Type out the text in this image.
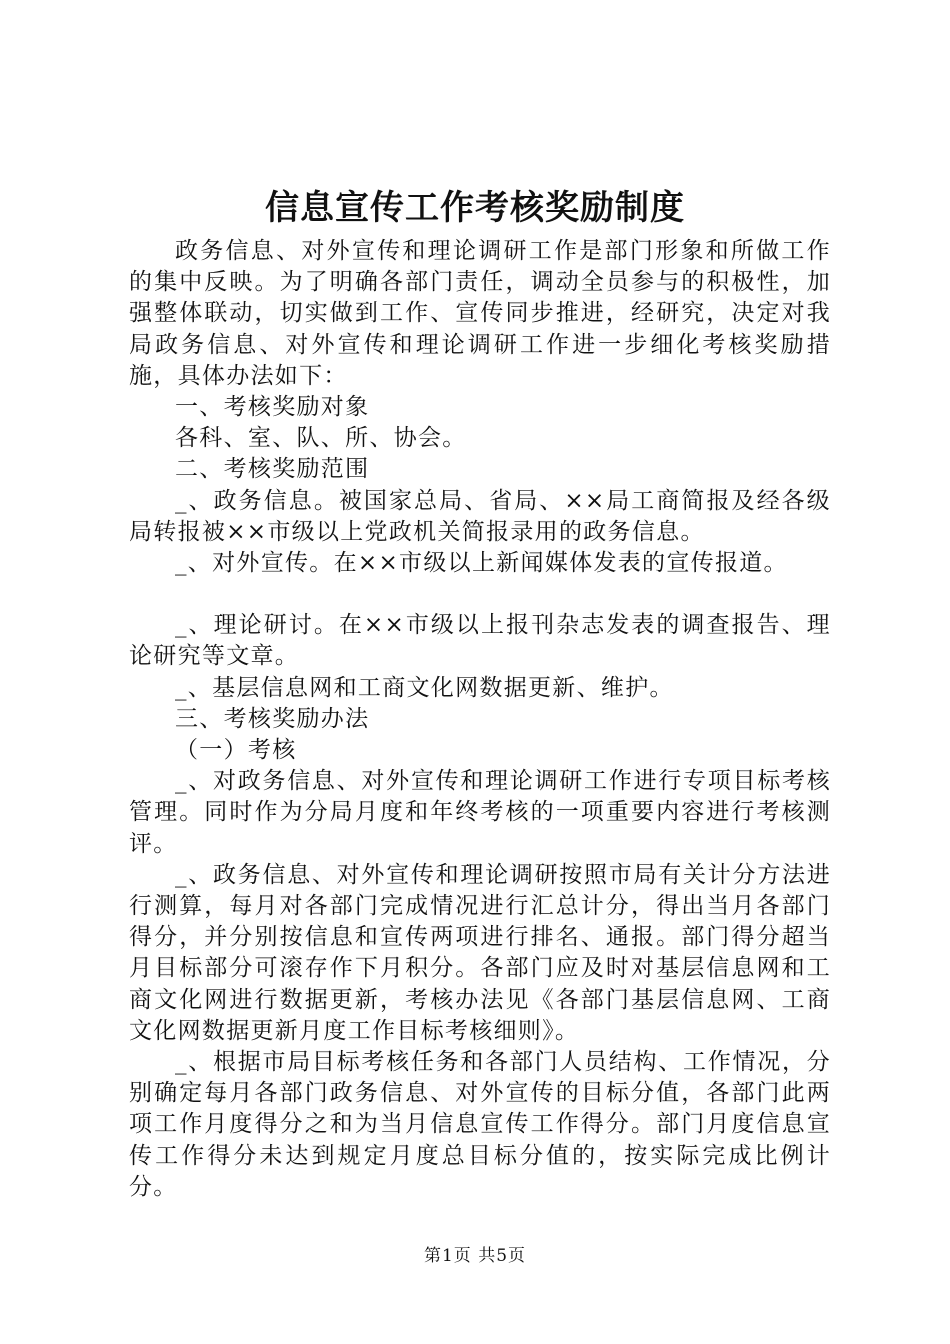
信息宣传工作考核奖励制度

政务信息、对外宣传和理论调研工作是部门形象和所做工作的集中反映。为了明确各部门责任，调动全员参与的积极性，加强整体联动，切实做到工作、宣传同步推进，经研究，决定对我局政务信息、对外宣传和理论调研工作进一步细化考核奖励措施，具体办法如下：

一、考核奖励对象

各科、室、队、所、协会。

二、考核奖励范围

_、政务信息。被国家总局、省局、××局工商简报及经各级局转报被××市级以上党政机关简报录用的政务信息。

_、对外宣传。在××市级以上新闻媒体发表的宣传报道。

_、理论研讨。在××市级以上报刊杂志发表的调查报告、理论研究等文章。

_、基层信息网和工商文化网数据更新、维护。

三、考核奖励办法

（一）考核

_、对政务信息、对外宣传和理论调研工作进行专项目标考核管理。同时作为分局月度和年终考核的一项重要内容进行考核测评。

_、政务信息、对外宣传和理论调研按照市局有关计分方法进行测算，每月对各部门完成情况进行汇总计分，得出当月各部门得分，并分别按信息和宣传两项进行排名、通报。部门得分超当月目标部分可滚存作下月积分。各部门应及时对基层信息网和工商文化网进行数据更新，考核办法见《各部门基层信息网、工商文化网数据更新月度工作目标考核细则》。

_、根据市局目标考核任务和各部门人员结构、工作情况，分别确定每月各部门政务信息、对外宣传的目标分值，各部门此两项工作月度得分之和为当月信息宣传工作得分。部门月度信息宣传工作得分未达到规定月度总目标分值的，按实际完成比例计分。

第1页 共5页
